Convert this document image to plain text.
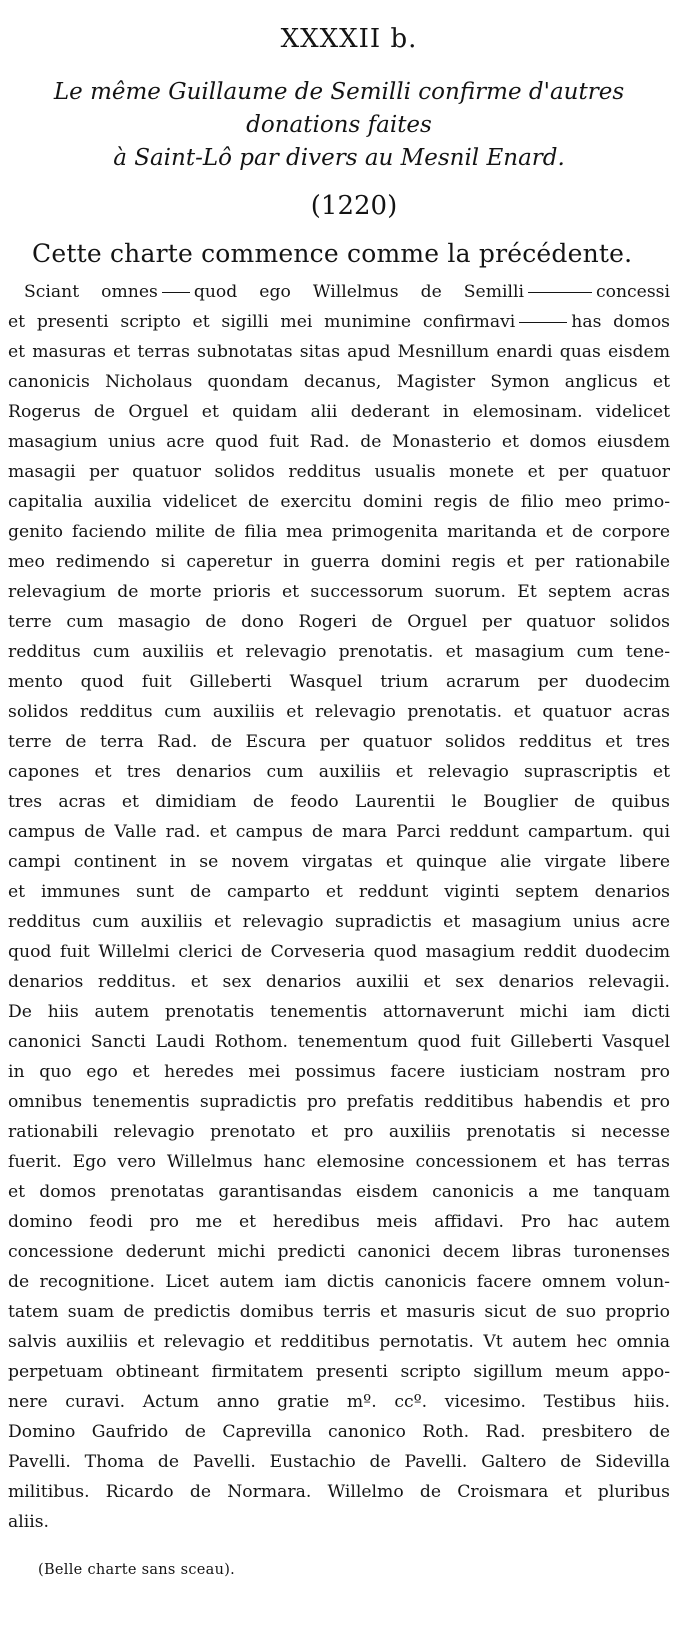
XXXXII b.
Le même Guillaume de Semilli confirme d'autres donations faites
à Saint-Lô par divers au Mesnil Enard.
(1220)
Cette charte commence comme la précédente.
Sciant omnes quod ego Willelmus de Semilli	concessi
et presenti scripto et sigilli mei munimine confirmavi	has domos
et masuras et terras subnotatas sitas apud Mesnillum enardi quas eisdem
canonicis Nicholaus quondam decanus, Magister Symon anglicus et
Rogerus de Orguel et quidam alii dederant in elemosinam. videlicet
masagium unius acre quod fuit Rad. de Monasterio et domos eiusdem
masagii per quatuor solidos redditus usualis monete et per quatuor
capitalia auxilia videlicet de exercitu domini regis de filio meo primo-
genito faciendo milite de filia mea primogenita maritanda et de corpore
meo redimendo si caperetur in guerra domini regis et per rationabile
relevagium de morte prioris et successorum suorum. Et septem acras
terre cum masagio de dono Rogeri de Orguel per quatuor solidos
redditus cum auxiliis et relevagio prenotatis. et masagium cum tene-
mento quod fuit Gilleberti Wasquel trium acrarum per duodecim
solidos redditus cum auxiliis et relevagio prenotatis. et quatuor acras
terre de terra Rad. de Escura per quatuor solidos redditus et tres
capones et tres denarios cum auxiliis et relevagio suprascriptis et
tres acras et dimidiam de feodo Laurentii le Bouglier de quibus
campus de Valle rad. et campus de mara Parci reddunt campartum. qui
campi continent in se novem virgatas et quinque alie virgate libere
et immunes sunt de camparto et reddunt viginti septem denarios
redditus cum auxiliis et relevagio supradictis et masagium unius acre
quod fuit Willelmi clerici de Corveseria quod masagium reddit duodecim
denarios redditus. et sex denarios auxilii et sex denarios relevagii.
De hiis autem prenotatis tenementis attornaverunt michi iam dicti
canonici Sancti Laudi Rothom. tenementum quod fuit Gilleberti Vasquel
in quo ego et heredes mei possimus facere iusticiam nostram pro
omnibus tenementis supradictis pro prefatis redditibus habendis et pro
rationabili relevagio prenotato et pro auxiliis prenotatis si necesse
fuerit. Ego vero Willelmus hanc elemosine concessionem et has terras
et domos prenotatas garantisandas eisdem canonicis a me tanquam
domino feodi pro me et heredibus meis affidavi. Pro hac autem
concessione dederunt michi predicti canonici decem libras turonenses
de recognitione. Licet autem iam dictis canonicis facere omnem volun-
tatem suam de predictis domibus terris et masuris sicut de suo proprio
salvis auxiliis et relevagio et redditibus pernotatis. Vt autem hec omnia
perpetuam obtineant firmitatem presenti scripto sigillum meum appo-
nere curavi. Actum anno gratie mº. ccº. vicesimo. Testibus hiis.
Domino Gaufrido de Caprevilla canonico Roth. Rad. presbitero de
Pavelli. Thoma de Pavelli. Eustachio de Pavelli. Galtero de Sidevilla
militibus. Ricardo de Normara. Willelmo de Croismara et pluribus
aliis.
(Belle charte sans sceau).
